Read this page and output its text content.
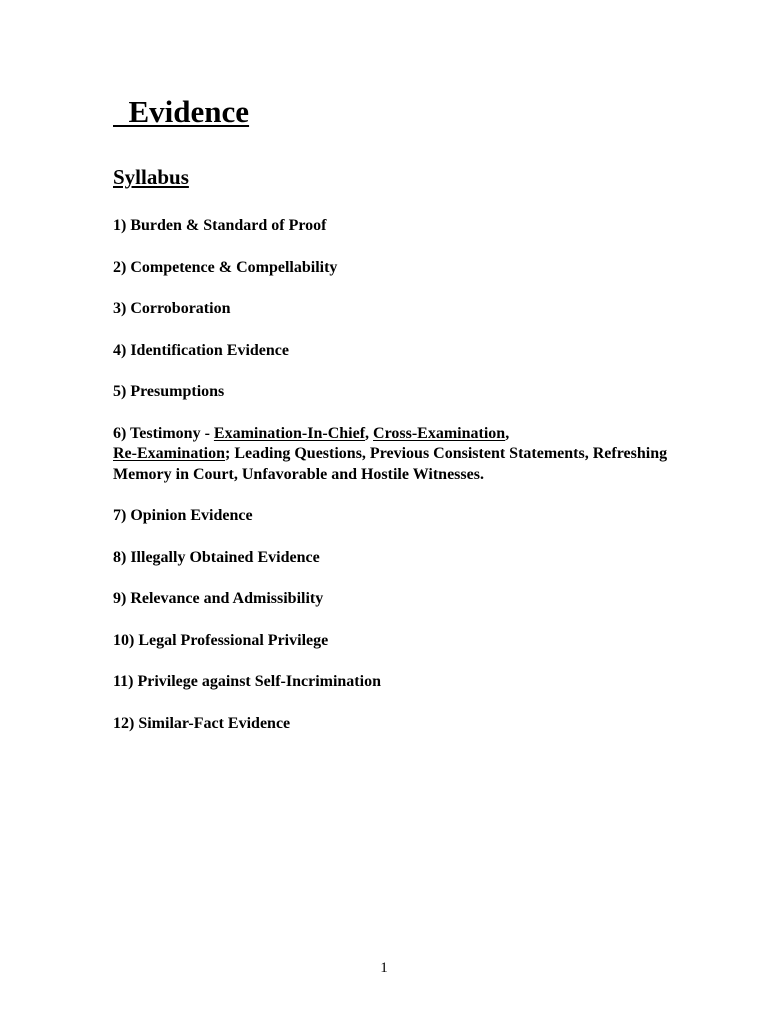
Evidence
Syllabus
1) Burden & Standard of Proof
2) Competence & Compellability
3) Corroboration
4) Identification Evidence
5) Presumptions
6) Testimony - Examination-In-Chief, Cross-Examination,
Re-Examination; Leading Questions, Previous Consistent Statements, Refreshing Memory in Court, Unfavorable and Hostile Witnesses.
7) Opinion Evidence
8) Illegally Obtained Evidence
9) Relevance and Admissibility
10) Legal Professional Privilege
11) Privilege against Self-Incrimination
12) Similar-Fact Evidence
1
